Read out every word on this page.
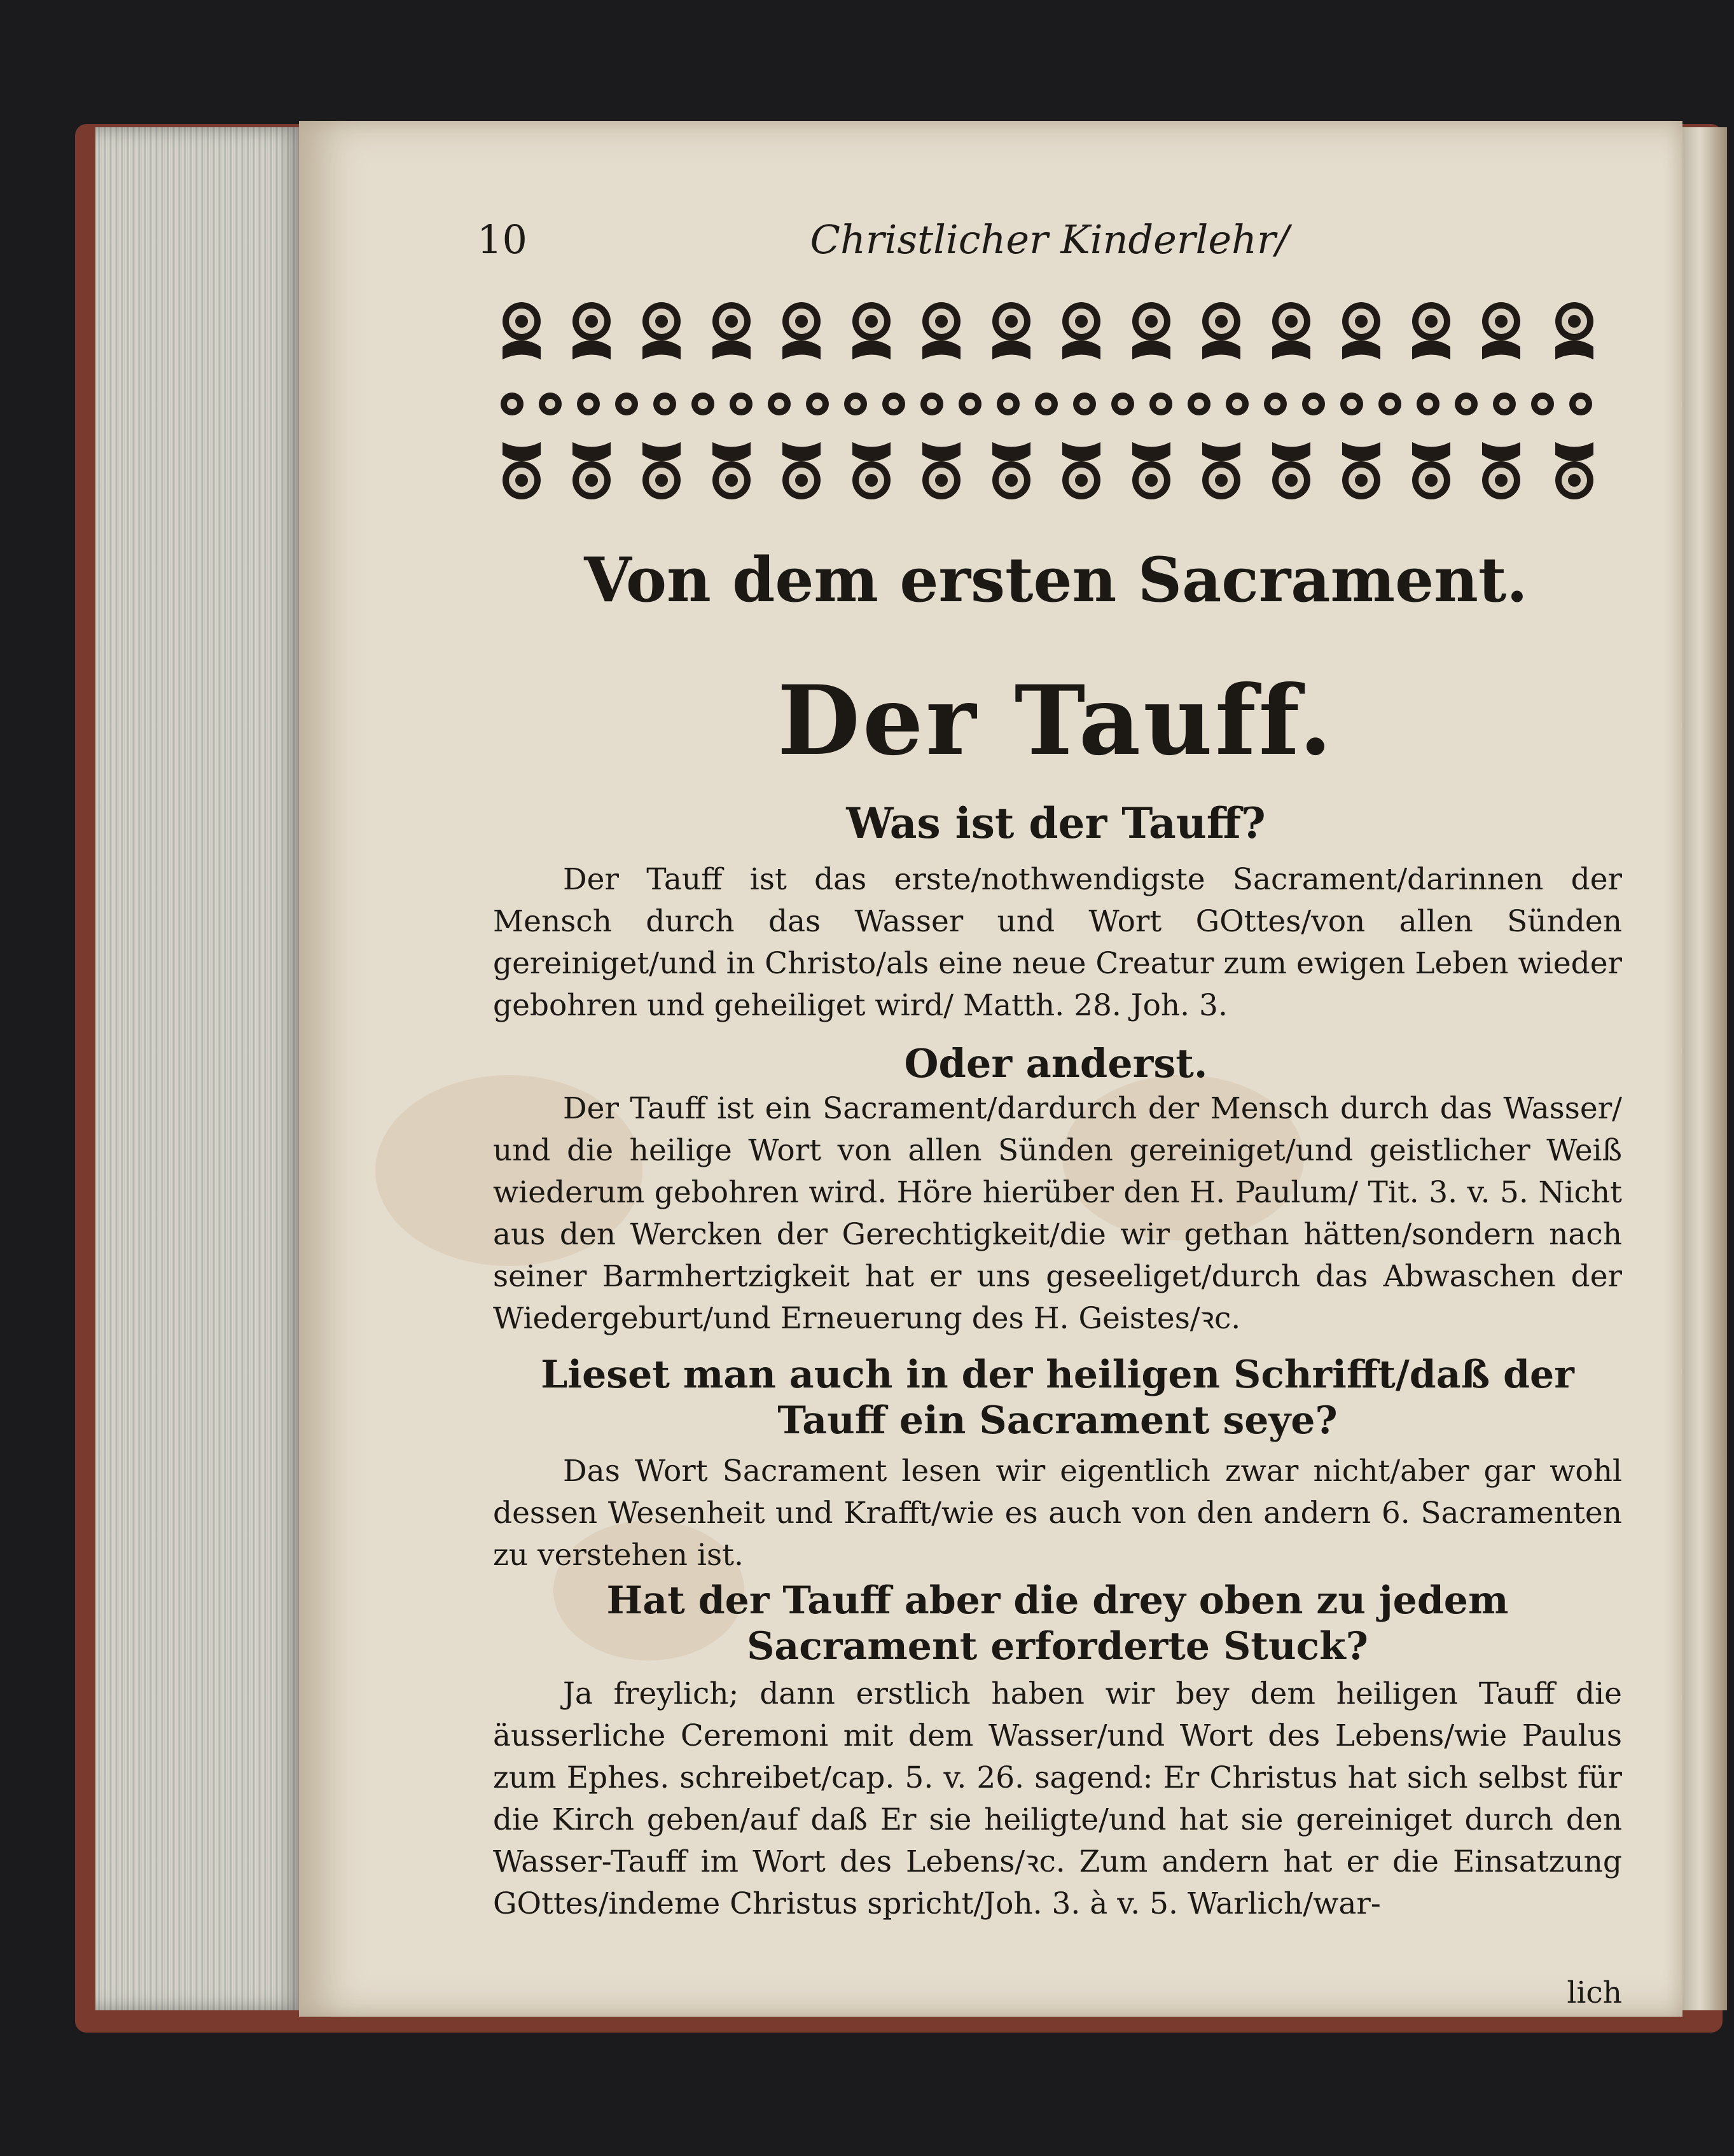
10	Christlicher Kinderlehr/
Von dem ersten Sacrament.
Der Tauff.
Was ist der Tauff?
Der Tauff ist das erste/nothwendigste Sacrament/darinnen der Mensch durch das Wasser und Wort GOttes/von allen Sünden gereiniget/und in Christo/als eine neue Creatur zum ewigen Leben wieder gebohren und geheiliget wird/ Matth. 28. Joh. 3.
Oder anderst.
Der Tauff ist ein Sacrament/dardurch der Mensch durch das Wasser/ und die heilige Wort von allen Sünden gereiniget/und geistlicher Weiß wiederum gebohren wird. Höre hierüber den H. Paulum/ Tit. 3. v. 5. Nicht aus den Wercken der Gerechtigkeit/die wir gethan hätten/sondern nach seiner Barmhertzigkeit hat er uns geseeliget/durch das Abwaschen der Wiedergeburt/und Erneuerung des H. Geistes/ꝛc.
Lieset man auch in der heiligen Schrifft/daß der Tauff ein Sacrament seye?
Das Wort Sacrament lesen wir eigentlich zwar nicht/aber gar wohl dessen Wesenheit und Krafft/wie es auch von den andern 6. Sacramenten zu verstehen ist.
Hat der Tauff aber die drey oben zu jedem Sacrament erforderte Stuck?
Ja freylich; dann erstlich haben wir bey dem heiligen Tauff die äusserliche Ceremoni mit dem Wasser/und Wort des Lebens/wie Paulus zum Ephes. schreibet/cap. 5. v. 26. sagend: Er Christus hat sich selbst für die Kirch geben/auf daß Er sie heiligte/und hat sie gereiniget durch den Wasser-Tauff im Wort des Lebens/ꝛc. Zum andern hat er die Einsatzung GOttes/indeme Christus spricht/Joh. 3. à v. 5. Warlich/war-
lich
